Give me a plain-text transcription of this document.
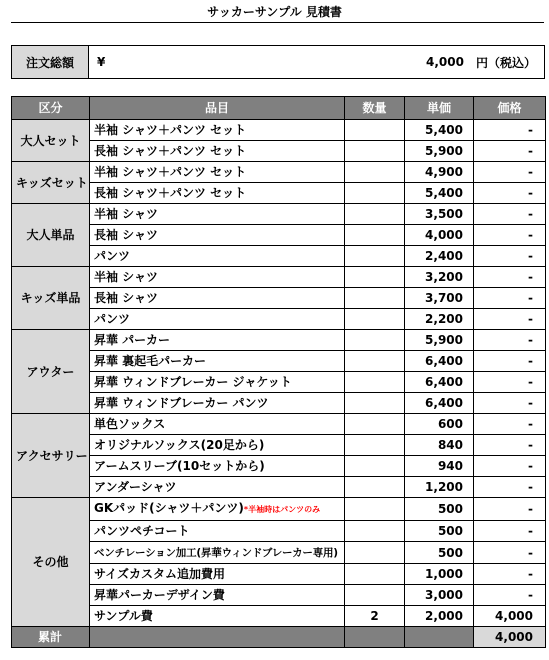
サッカーサンプル 見積書
注文総額	¥	4,000	円（税込）
区分	品目	数量	単価	価格
大人セット	半袖 シャツ＋パンツ セット		5,400	-
	長袖 シャツ＋パンツ セット		5,900	-
キッズセット	半袖 シャツ＋パンツ セット		4,900	-
	長袖 シャツ＋パンツ セット		5,400	-
大人単品	半袖 シャツ		3,500	-
	長袖 シャツ		4,000	-
	パンツ		2,400	-
キッズ単品	半袖 シャツ		3,200	-
	長袖 シャツ		3,700	-
	パンツ		2,200	-
アウター	昇華 パーカー		5,900	-
	昇華 裏起毛パーカー		6,400	-
	昇華 ウィンドブレーカー ジャケット		6,400	-
	昇華 ウィンドブレーカー パンツ		6,400	-
アクセサリー	単色ソックス		600	-
	オリジナルソックス(20足から)		840	-
	アームスリーブ(10セットから)		940	-
	アンダーシャツ		1,200	-
その他	GKパッド(シャツ＋パンツ)*半袖時はパンツのみ		500	-
	パンツペチコート		500	-
	ベンチレーション加工(昇華ウィンドブレーカー専用)		500	-
	サイズカスタム追加費用		1,000	-
	昇華パーカーデザイン費		3,000	-
	サンプル費	2	2,000	4,000
累計				4,000
